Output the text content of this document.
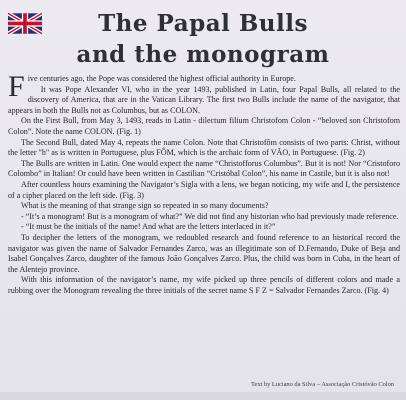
The Papal Bulls
and the monogram

Five centuries ago, the Pope was considered the highest official authority in Europe.

It was Pope Alexander VI, who in the year 1493, published in Latin, four Papal Bulls, all related to the discovery of America, that are in the Vatican Library. The first two Bulls include the name of the navigator, that appears in both the Bulls not as Columbus, but as COLON.

On the First Bull, from May 3, 1493, reads in Latin - dilectum filium Christofom Colon - “beloved son Christofom Colon”. Note the name COLON. (Fig. 1)

The Second Bull, dated May 4, repeats the name Colon. Note that Christofôm consists of two parts: Christ, without the letter "h" as is written in Portuguese, plus FÔM, which is the archaic form of VÃO, in Portuguese. (Fig. 2)

The Bulls are written in Latin. One would expect the name “Christofforus Columbus”. But it is not! Nor “Cristoforo Colombo” in Italian! Or could have been written in Castilian “Cristóbal Colon”, his name in Castile, but it is also not!

After countless hours examining the Navigator’s Sigla with a lens, we began noticing, my wife and I, the persistence of a cipher placed on the left side. (Fig. 3)

What is the meaning of that strange sign so repeated in so many documents?

- “It’s a monogram! But is a monogram of what?” We did not find any historian who had previously made reference.

- “It must be the initials of the name! And what are the letters interlaced in it?”

To decipher the letters of the monogram, we redoubled research and found reference to an historical record the navigator was given the name of Salvador Fernandes Zarco, was an illegitimate son of D.Fernando, Duke of Beja and Isabel Gonçalves Zarco, daughter of the famous João Gonçalves Zarco. Plus, the child was born in Cuba, in the heart of the Alentejo province.

With this information of the navigator’s name, my wife picked up three pencils of different colors and made a rubbing over the Monogram revealing the three initials of the secret name S F Z = Salvador Fernandes Zarco. (Fig. 4)

Text by Luciano da Silva – Associação Cristóvão Colon
